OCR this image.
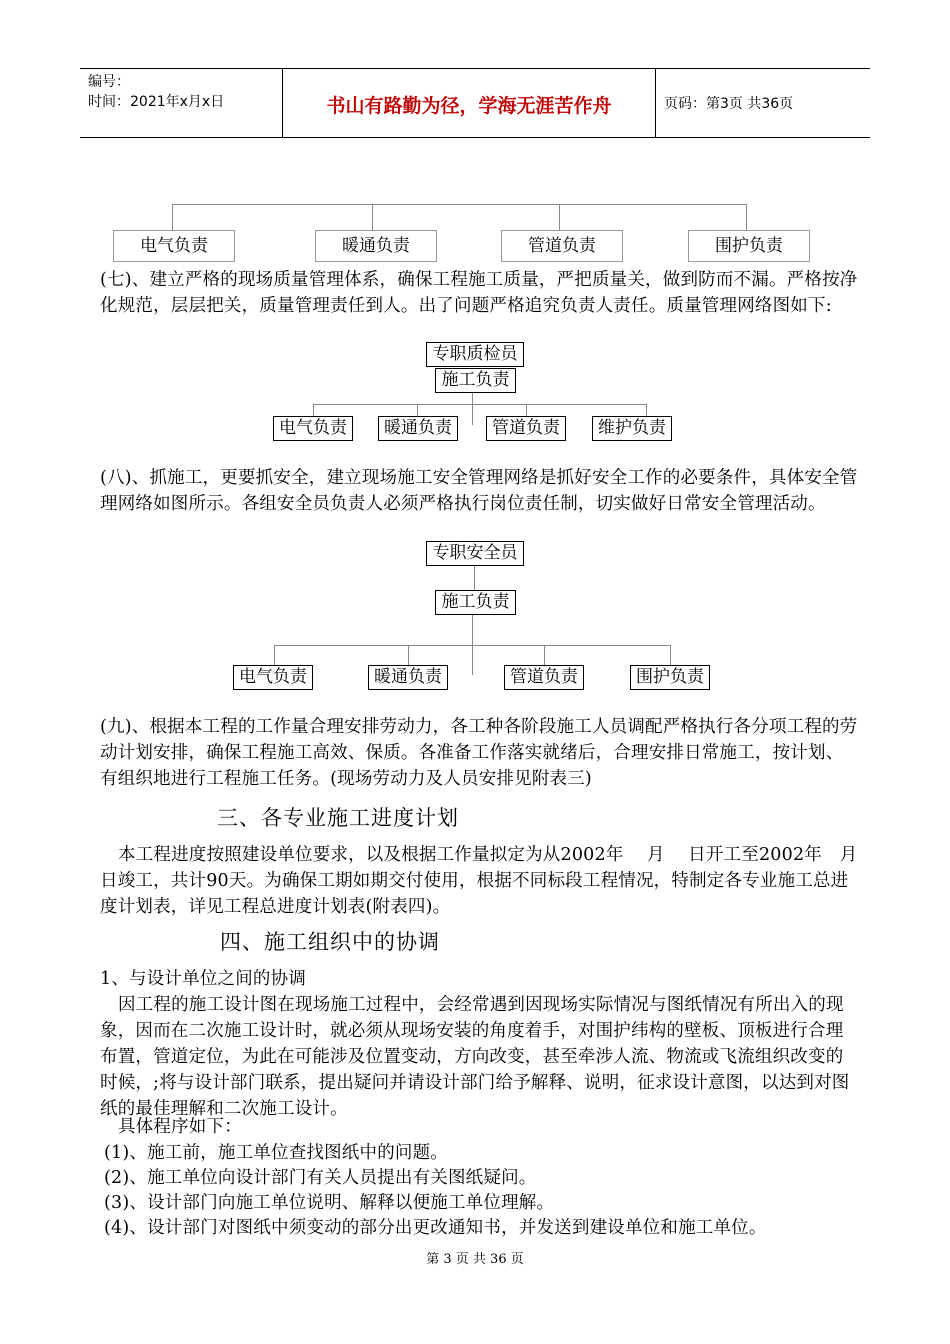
编号：
时间：2021年x月x日	书山有路勤为径，学海无涯苦作舟	页码：第3页 共36页
电气负责	暖通负责	管道负责	围护负责
(七)、建立严格的现场质量管理体系，确保工程施工质量，严把质量关，做到防而不漏。严格按净化规范，层层把关，质量管理责任到人。出了问题严格追究负责人责任。质量管理网络图如下:
专职质检员
施工负责
电气负责	暖通负责	管道负责	维护负责
(八)、抓施工，更要抓安全，建立现场施工安全管理网络是抓好安全工作的必要条件，具体安全管理网络如图所示。各组安全员负责人必须严格执行岗位责任制，切实做好日常安全管理活动。
专职安全员
施工负责
电气负责	暖通负责	管道负责	围护负责
(九)、根据本工程的工作量合理安排劳动力，各工种各阶段施工人员调配严格执行各分项工程的劳动计划安排，确保工程施工高效、保质。各准备工作落实就绪后，合理安排日常施工，按计划、有组织地进行工程施工任务。(现场劳动力及人员安排见附表三)
三、各专业施工进度计划
本工程进度按照建设单位要求，以及根据工作量拟定为从2002年　 月　 日开工至2002年　月　 日竣工，共计90天。为确保工期如期交付使用，根据不同标段工程情况，特制定各专业施工总进度计划表，详见工程总进度计划表(附表四)。
四、施工组织中的协调
1、与设计单位之间的协调
因工程的施工设计图在现场施工过程中，会经常遇到因现场实际情况与图纸情况有所出入的现象，因而在二次施工设计时，就必须从现场安装的角度着手，对围护纬构的壁板、顶板进行合理布置，管道定位，为此在可能涉及位置变动，方向改变，甚至牵涉人流、物流或飞流组织改变的时候，;将与设计部门联系，提出疑问并请设计部门给予解释、说明，征求设计意图，以达到对图纸的最佳理解和二次施工设计。
具体程序如下：
(1)、施工前，施工单位查找图纸中的问题。
(2)、施工单位向设计部门有关人员提出有关图纸疑问。
(3)、设计部门向施工单位说明、解释以便施工单位理解。
(4)、设计部门对图纸中须变动的部分出更改通知书，并发送到建设单位和施工单位。
第 3 页 共 36 页
